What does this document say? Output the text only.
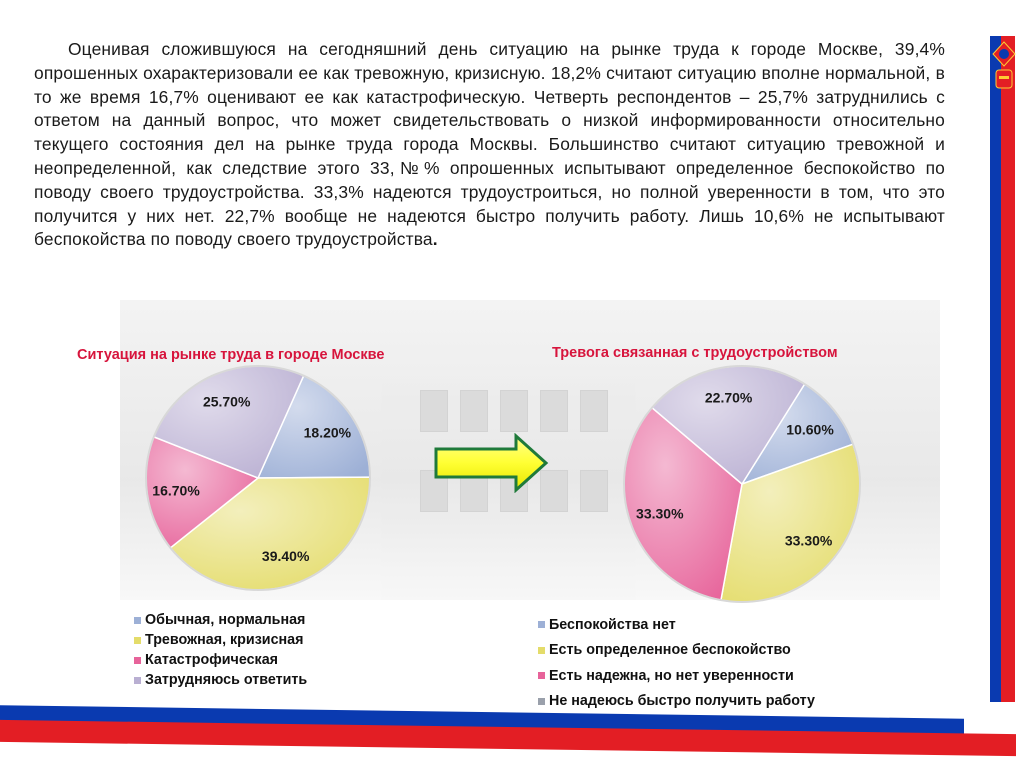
Оценивая сложившуюся на сегодняшний день ситуацию на рынке труда к городе Москве, 39,4% опрошенных охарактеризовали ее как тревожную, кризисную. 18,2% считают ситуацию вполне нормальной, в то же время 16,7% оценивают ее как катастрофическую. Четверть респондентов – 25,7% затруднились с ответом на данный вопрос, что может свидетельствовать о низкой информированности относительно текущего состояния дел на рынке труда города Москвы. Большинство считают ситуацию тревожной и неопределенной, как следствие этого 33,№% опрошенных испытывают определенное беспокойство по поводу своего трудоустройства. 33,3% надеются трудоустроиться, но полной уверенности в том, что это получится у них нет. 22,7% вообще не надеются быстро получить работу. Лишь 10,6% не испытывают беспокойства по поводу своего трудоустройства.
Ситуация на рынке труда в городе Москве	Тревога связанная с трудоустройством
18.20%
39.40%
16.70%
25.70%
10.60%
33.30%
33.30%
22.70%
Обычная, нормальная
Тревожная, кризисная
Катастрофическая
Затрудняюсь ответить
Беспокойства нет
Есть определенное беспокойство
Есть надежна, но нет уверенности
Не надеюсь быстро получить работу
